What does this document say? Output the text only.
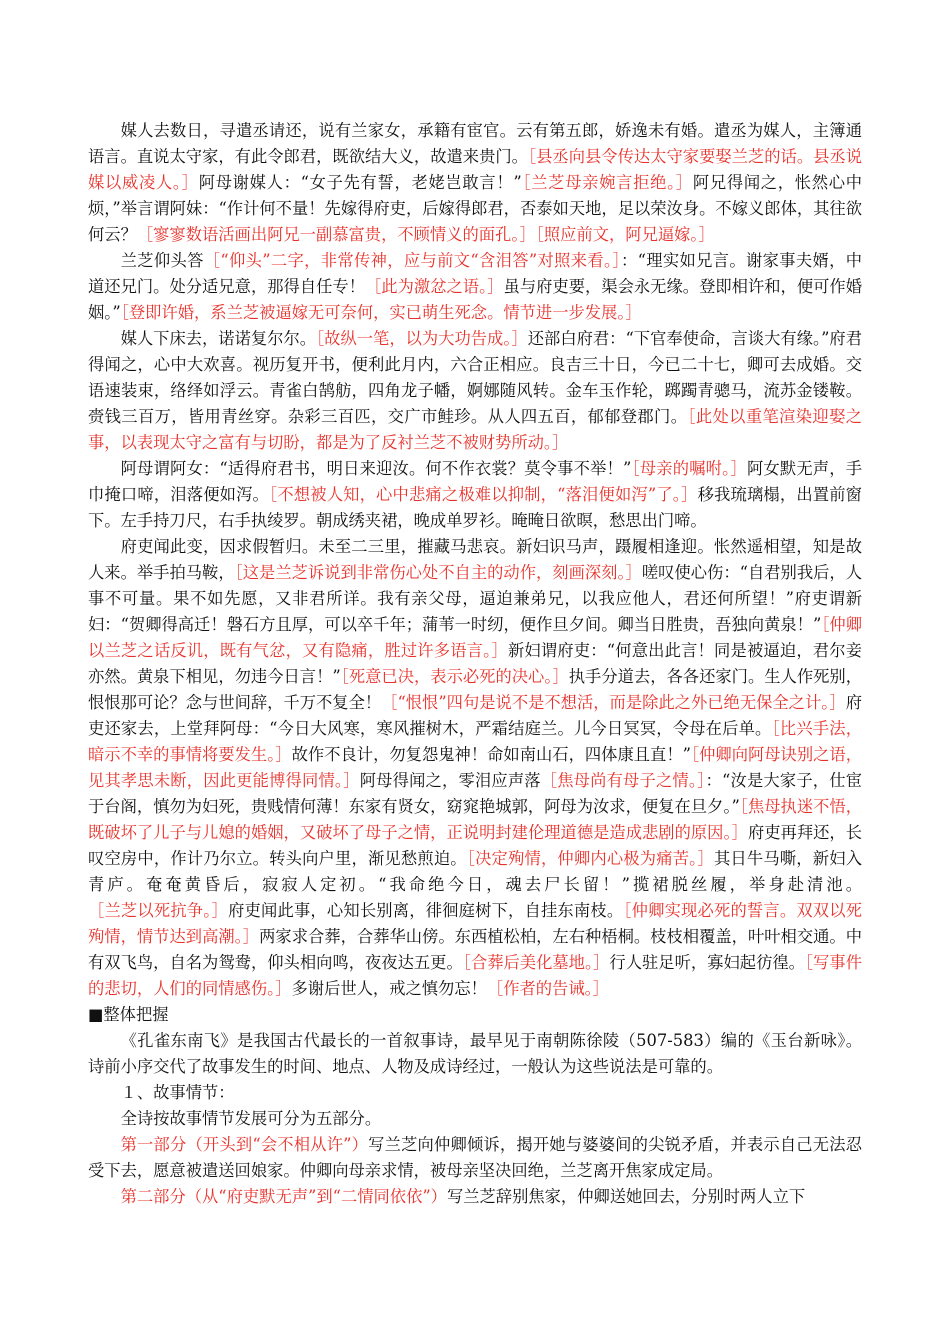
媒人去数日，寻遣丞请还，说有兰家女，承籍有宦官。云有第五郎，娇逸未有婚。遣丞为媒人，主簿通语言。直说太守家，有此令郎君，既欲结大义，故遣来贵门。［县丞向县令传达太守家要娶兰芝的话。县丞说媒以威凌人。］阿母谢媒人：“女子先有誓，老姥岂敢言！”［兰芝母亲婉言拒绝。］阿兄得闻之，怅然心中烦，”举言谓阿妹：“作计何不量！先嫁得府吏，后嫁得郎君，否泰如天地，足以荣汝身。不嫁义郎体，其往欲何云？［寥寥数语活画出阿兄一副慕富贵，不顾情义的面孔。］［照应前文，阿兄逼嫁。］

兰芝仰头答［“仰头”二字，非常传神，应与前文“含泪答”对照来看。］：“理实如兄言。谢家事夫婿，中道还兄门。处分适兄意，那得自任专！［此为激忿之语。］虽与府吏要，渠会永无缘。登即相许和，便可作婚姻。”［登即许婚，系兰芝被逼嫁无可奈何，实已萌生死念。情节进一步发展。］

媒人下床去，诺诺复尔尔。［故纵一笔，以为大功告成。］还部白府君：“下官奉使命，言谈大有缘。”府君得闻之，心中大欢喜。视历复开书，便利此月内，六合正相应。良吉三十日，今已二十七，卿可去成婚。交语速装束，络绎如浮云。青雀白鹄舫，四角龙子幡，婀娜随风转。金车玉作轮，踯躅青骢马，流苏金镂鞍。赍钱三百万，皆用青丝穿。杂彩三百匹，交广市鲑珍。从人四五百，郁郁登郡门。［此处以重笔渲染迎娶之事，以表现太守之富有与切盼，都是为了反衬兰芝不被财势所动。］

阿母谓阿女：“适得府君书，明日来迎汝。何不作衣裳？莫令事不举！”［母亲的嘱咐。］阿女默无声，手巾掩口啼，泪落便如泻。［不想被人知，心中悲痛之极难以抑制，“落泪便如泻”了。］移我琉璃榻，出置前窗下。左手持刀尺，右手执绫罗。朝成绣夹裙，晚成单罗衫。晻晻日欲暝，愁思出门啼。

府吏闻此变，因求假暂归。未至二三里，摧藏马悲哀。新妇识马声，蹑履相逢迎。怅然遥相望，知是故人来。举手拍马鞍，［这是兰芝诉说到非常伤心处不自主的动作，刻画深刻。］嗟叹使心伤：“自君别我后，人事不可量。果不如先愿，又非君所详。我有亲父母，逼迫兼弟兄，以我应他人，君还何所望！”府吏谓新妇：“贺卿得高迁！磐石方且厚，可以卒千年；蒲苇一时纫，便作旦夕间。卿当日胜贵，吾独向黄泉！”［仲卿以兰芝之话反讥，既有气忿，又有隐痛，胜过许多语言。］新妇谓府吏：“何意出此言！同是被逼迫，君尔妾亦然。黄泉下相见，勿违今日言！”［死意已决，表示必死的决心。］执手分道去，各各还家门。生人作死别，恨恨那可论？念与世间辞，千万不复全！［“恨恨”四句是说不是不想活，而是除此之外已绝无保全之计。］府吏还家去，上堂拜阿母：“今日大风寒，寒风摧树木，严霜结庭兰。儿今日冥冥，令母在后单。［比兴手法，暗示不幸的事情将要发生。］故作不良计，勿复怨鬼神！命如南山石，四体康且直！”［仲卿向阿母诀别之语，见其孝思未断，因此更能博得同情。］阿母得闻之，零泪应声落［焦母尚有母子之情。］：“汝是大家子，仕宦于台阁，慎勿为妇死，贵贱情何薄！东家有贤女，窈窕艳城郭，阿母为汝求，便复在旦夕。”［焦母执迷不悟，既破坏了儿子与儿媳的婚姻，又破坏了母子之情，正说明封建伦理道德是造成悲剧的原因。］府吏再拜还，长叹空房中，作计乃尔立。转头向户里，渐见愁煎迫。［决定殉情，仲卿内心极为痛苦。］其日牛马嘶，新妇入青庐。奄奄黄昏后，寂寂人定初。“我命绝今日，魂去尸长留！”揽裙脱丝履，举身赴清池。［兰芝以死抗争。］府吏闻此事，心知长别离，徘徊庭树下，自挂东南枝。［仲卿实现必死的誓言。双双以死殉情，情节达到高潮。］两家求合葬，合葬华山傍。东西植松柏，左右种梧桐。枝枝相覆盖，叶叶相交通。中有双飞鸟，自名为鸳鸯，仰头相向鸣，夜夜达五更。［合葬后美化墓地。］行人驻足听，寡妇起彷徨。［写事件的悲切，人们的同情感伤。］多谢后世人，戒之慎勿忘！［作者的告诫。］

■整体把握

《孔雀东南飞》是我国古代最长的一首叙事诗，最早见于南朝陈徐陵（507-583）编的《玉台新咏》。诗前小序交代了故事发生的时间、地点、人物及成诗经过，一般认为这些说法是可靠的。

１、故事情节：

全诗按故事情节发展可分为五部分。

第一部分（开头到“会不相从许”）写兰芝向仲卿倾诉，揭开她与婆婆间的尖锐矛盾，并表示自己无法忍受下去，愿意被遣送回娘家。仲卿向母亲求情，被母亲坚决回绝，兰芝离开焦家成定局。

第二部分（从“府吏默无声”到“二情同依依”）写兰芝辞别焦家，仲卿送她回去，分别时两人立下
